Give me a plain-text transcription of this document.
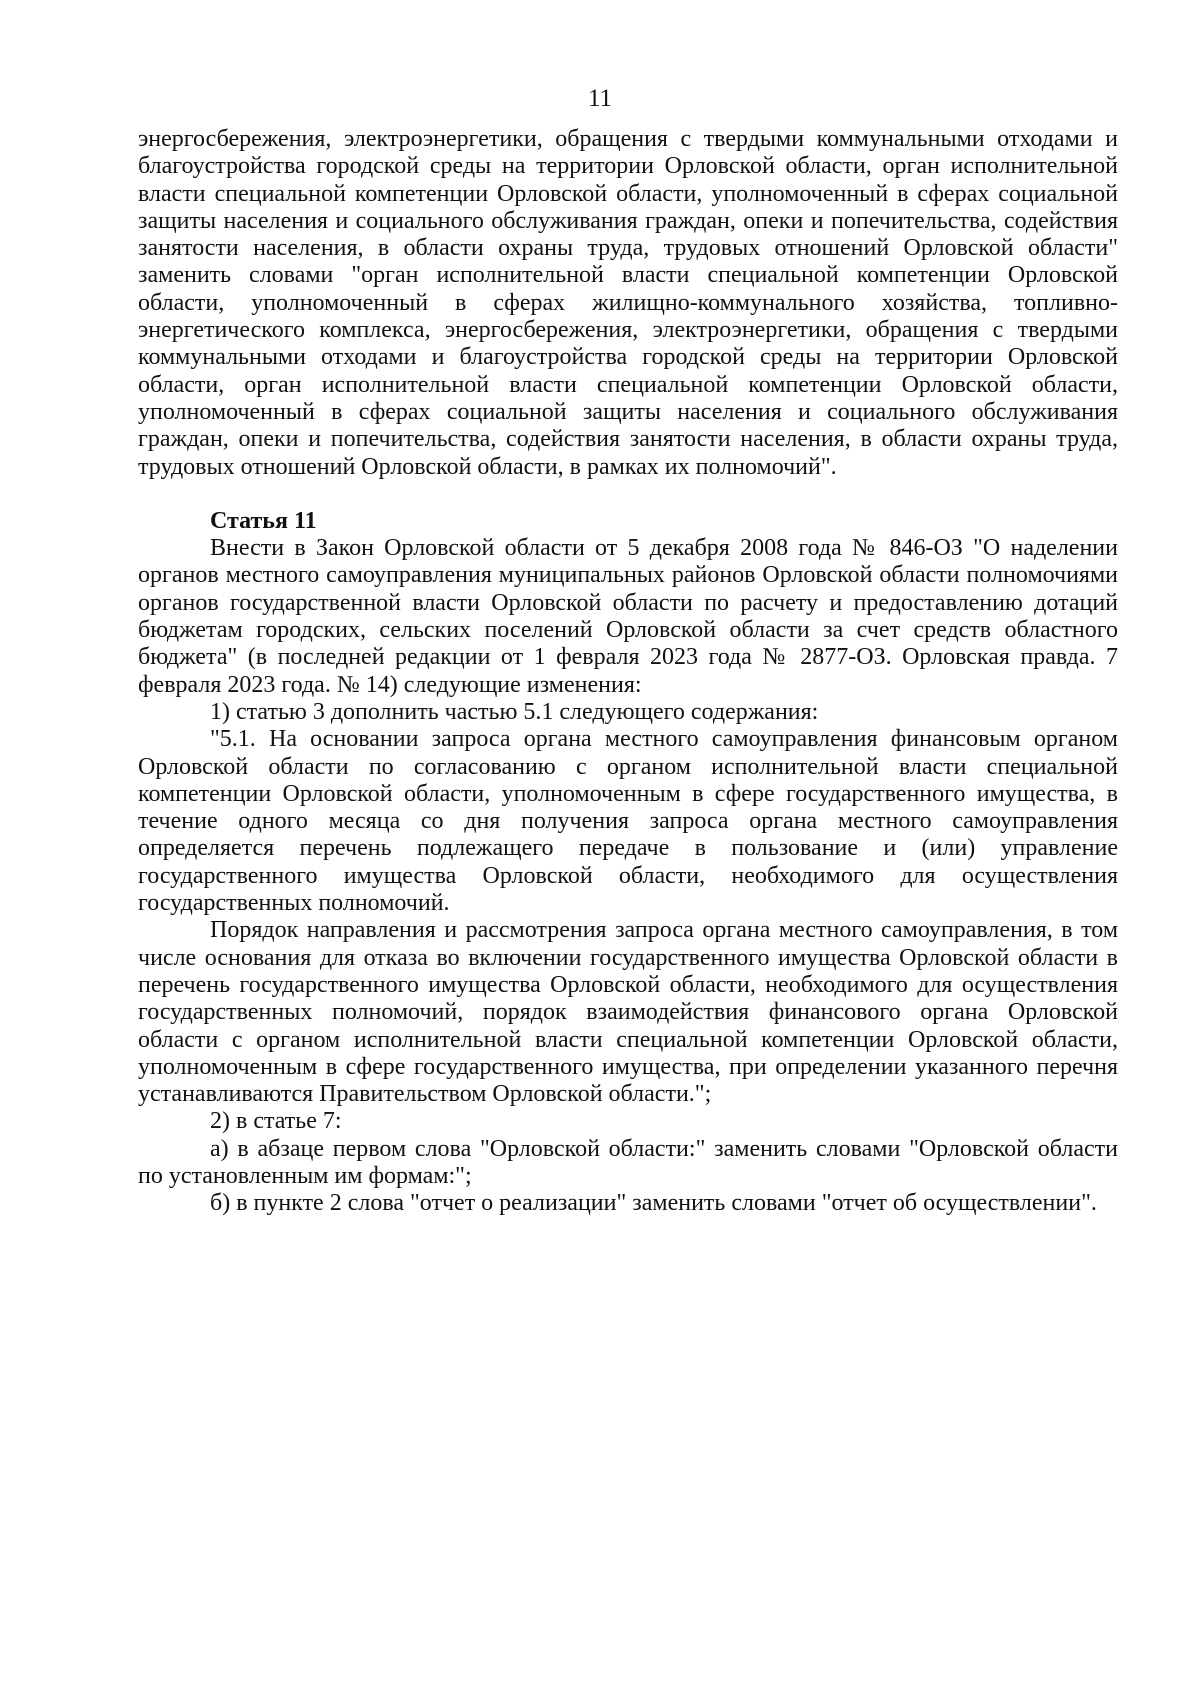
11

энергосбережения, электроэнергетики, обращения с твердыми коммунальными отходами и благоустройства городской среды на территории Орловской области, орган исполнительной власти специальной компетенции Орловской области, уполномоченный в сферах социальной защиты населения и социального обслуживания граждан, опеки и попечительства, содействия занятости населения, в области охраны труда, трудовых отношений Орловской области" заменить словами "орган исполнительной власти специальной компетенции Орловской области, уполномоченный в сферах жилищно-коммунального хозяйства, топливно-энергетического комплекса, энергосбережения, электроэнергетики, обращения с твердыми коммунальными отходами и благоустройства городской среды на территории Орловской области, орган исполнительной власти специальной компетенции Орловской области, уполномоченный в сферах социальной защиты населения и социального обслуживания граждан, опеки и попечительства, содействия занятости населения, в области охраны труда, трудовых отношений Орловской области, в рамках их полномочий".

Статья 11

Внести в Закон Орловской области от 5 декабря 2008 года № 846-ОЗ "О наделении органов местного самоуправления муниципальных районов Орловской области полномочиями органов государственной власти Орловской области по расчету и предоставлению дотаций бюджетам городских, сельских поселений Орловской области за счет средств областного бюджета" (в последней редакции от 1 февраля 2023 года № 2877-ОЗ. Орловская правда. 7 февраля 2023 года. № 14) следующие изменения:

1) статью 3 дополнить частью 5.1 следующего содержания:

"5.1. На основании запроса органа местного самоуправления финансовым органом Орловской области по согласованию с органом исполнительной власти специальной компетенции Орловской области, уполномоченным в сфере государственного имущества, в течение одного месяца со дня получения запроса органа местного самоуправления определяется перечень подлежащего передаче в пользование и (или) управление государственного имущества Орловской области, необходимого для осуществления государственных полномочий.

Порядок направления и рассмотрения запроса органа местного самоуправления, в том числе основания для отказа во включении государственного имущества Орловской области в перечень государственного имущества Орловской области, необходимого для осуществления государственных полномочий, порядок взаимодействия финансового органа Орловской области с органом исполнительной власти специальной компетенции Орловской области, уполномоченным в сфере государственного имущества, при определении указанного перечня устанавливаются Правительством Орловской области.";

2) в статье 7:

а) в абзаце первом слова "Орловской области:" заменить словами "Орловской области по установленным им формам:";

б) в пункте 2 слова "отчет о реализации" заменить словами "отчет об осуществлении".
